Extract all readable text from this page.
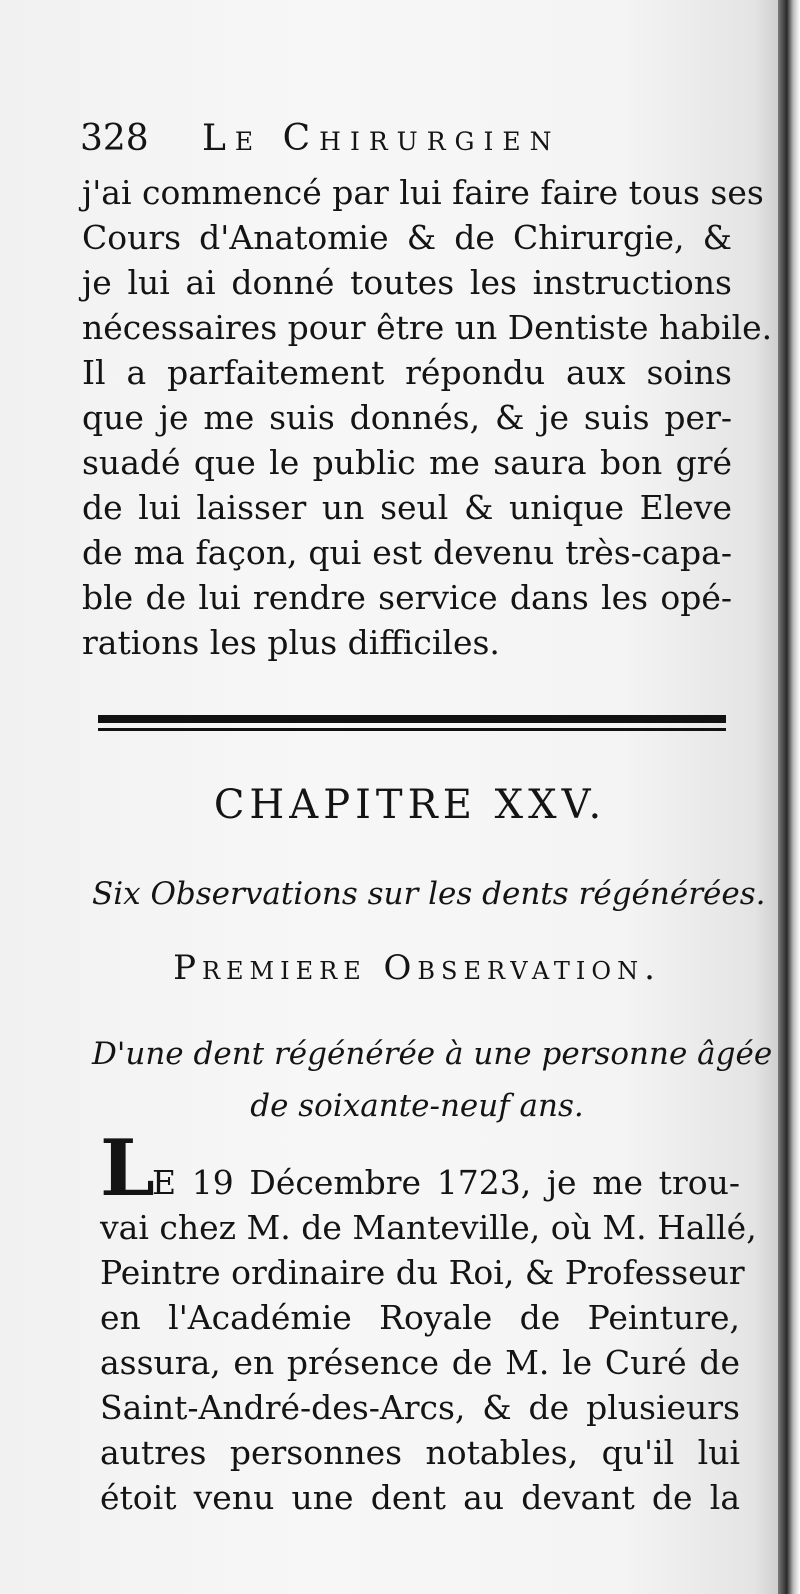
328 Le Chirurgien
j'ai commencé par lui faire faire tous ses
Cours d'Anatomie & de Chirurgie, &
je lui ai donné toutes les instructions
nécessaires pour être un Dentiste habile.
Il a parfaitement répondu aux soins
que je me suis donnés, & je suis per-
suadé que le public me saura bon gré
de lui laisser un seul & unique Eleve
de ma façon, qui est devenu très-capa-
ble de lui rendre service dans les opé-
rations les plus difficiles.
CHAPITRE XXV.
Six Observations sur les dents régénérées.
Premiere Observation.
D'une dent régénérée à une personne âgée
de soixante-neuf ans.
L
E 19 Décembre 1723, je me trou-
vai chez M. de Manteville, où M. Hallé,
Peintre ordinaire du Roi, & Professeur
en l'Académie Royale de Peinture,
assura, en présence de M. le Curé de
Saint-André-des-Arcs, & de plusieurs
autres personnes notables, qu'il lui
étoit venu une dent au devant de la
